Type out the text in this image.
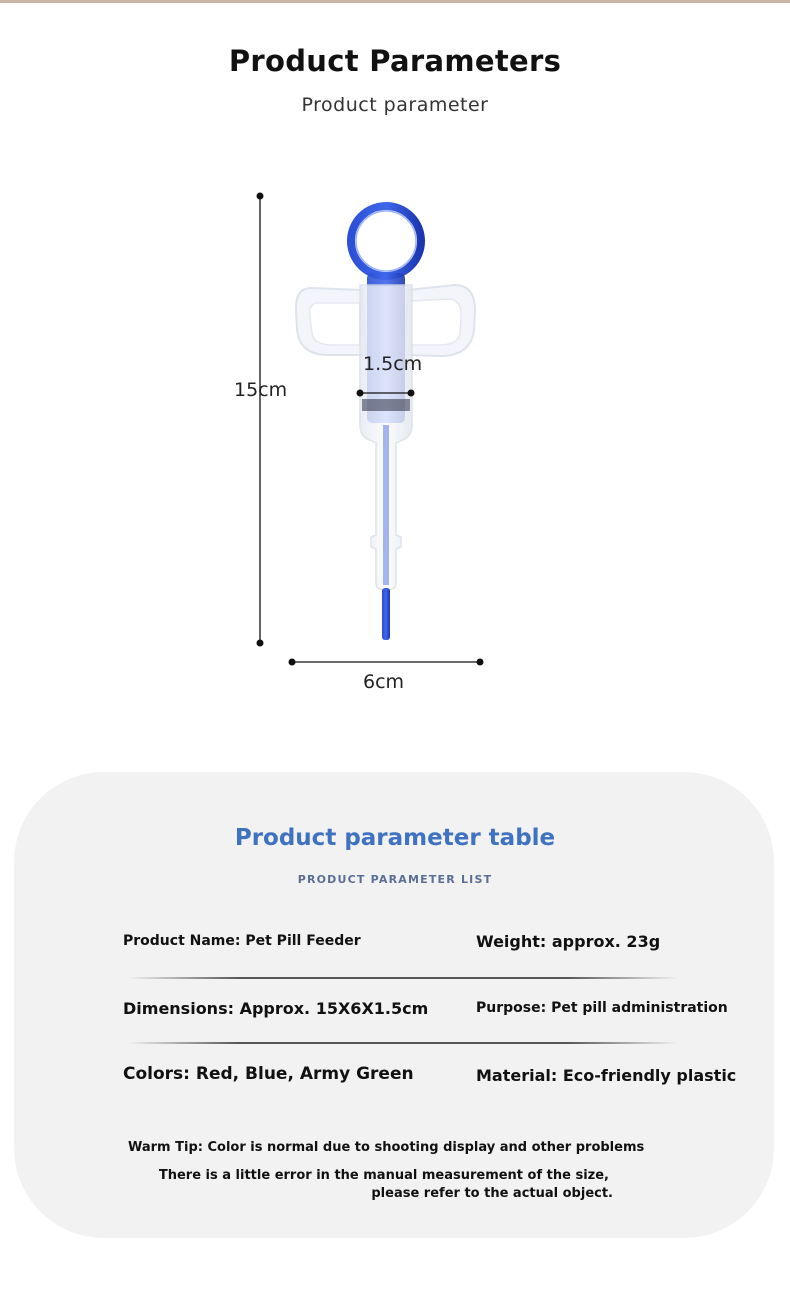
Product Parameters
Product parameter
15cm
1.5cm
6cm
Product parameter table
PRODUCT PARAMETER LIST
Product Name: Pet Pill Feeder	Weight: approx. 23g
Dimensions: Approx. 15X6X1.5cm	Purpose: Pet pill administration
Colors: Red, Blue, Army Green	Material: Eco-friendly plastic
Warm Tip: Color is normal due to shooting display and other problems
There is a little error in the manual measurement of the size,
please refer to the actual object.
